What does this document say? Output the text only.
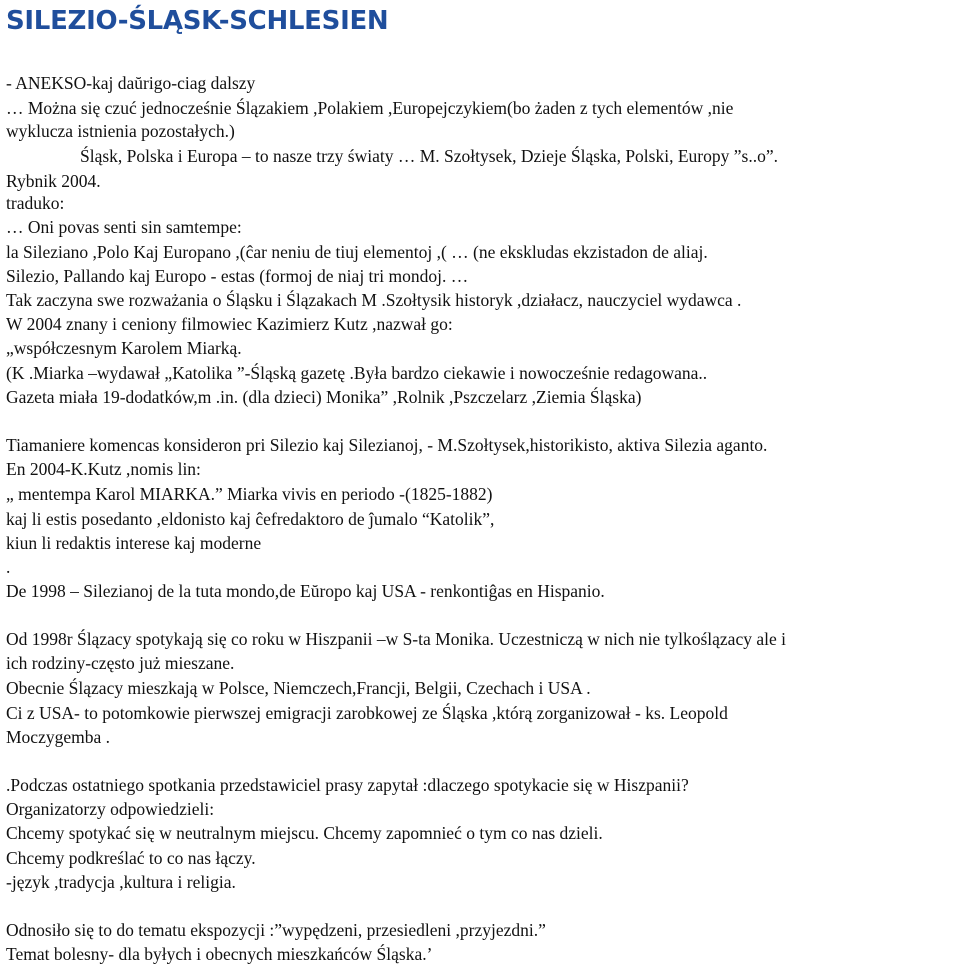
SILEZIO-ŚLĄSK-SCHLESIEN
- ANEKSO-kaj daŭrigo-ciag dalszy
… Można się czuć jednocześnie Ślązakiem ,Polakiem ,Europejczykiem(bo żaden z tych elementów ,nie
wyklucza istnienia pozostałych.)
Śląsk, Polska i Europa – to nasze trzy światy … M. Szołtysek, Dzieje Śląska, Polski, Europy ”s..o”.
Rybnik 2004.
traduko:
… Oni povas senti sin samtempe:
la Sileziano ,Polo Kaj Europano ,(ĉar neniu de tiuj elementoj ,( … (ne ekskludas ekzistadon de aliaj.
Silezio, Pallando kaj Europo - estas (formoj de niaj tri mondoj. …
Tak zaczyna swe rozważania o Śląsku i Ślązakach M .Szołtysik historyk ,działacz, nauczyciel wydawca .
W 2004 znany i ceniony filmowiec Kazimierz Kutz ,nazwał go:
„współczesnym Karolem Miarką.
(K .Miarka –wydawał „Katolika ”-Śląską gazetę .Była bardzo ciekawie i nowocześnie redagowana..
Gazeta miała 19-dodatków,m .in. (dla dzieci) Monika” ,Rolnik ,Pszczelarz ,Ziemia Śląska)
Tiamaniere komencas konsideron pri Silezio kaj Silezianoj, - M.Szołtysek,historikisto, aktiva Silezia aganto.
En 2004-K.Kutz ,nomis lin:
„ mentempa Karol MIARKA.” Miarka vivis en periodo -(1825-1882)
kaj li estis posedanto ,eldonisto kaj ĉefredaktoro de ĵumalo “Katolik”,
kiun li redaktis interese kaj moderne
.
De 1998 – Silezianoj de la tuta mondo,de Eŭropo kaj USA - renkontiĝas en Hispanio.
Od 1998r Ślązacy spotykają się co roku w Hiszpanii –w S-ta Monika. Uczestniczą w nich nie tylkoślązacy ale i
ich rodziny-często już mieszane.
Obecnie Ślązacy mieszkają w Polsce, Niemczech,Francji, Belgii, Czechach i USA .
Ci z USA- to potomkowie pierwszej emigracji zarobkowej ze Śląska ,którą zorganizował - ks. Leopold
Moczygemba .
.Podczas ostatniego spotkania przedstawiciel prasy zapytał :dlaczego spotykacie się w Hiszpanii?
Organizatorzy odpowiedzieli:
Chcemy spotykać się w neutralnym miejscu. Chcemy zapomnieć o tym co nas dzieli.
Chcemy podkreślać to co nas łączy.
-język ,tradycja ,kultura i religia.
Odnosiło się to do tematu ekspozycji :”wypędzeni, przesiedleni ,przyjezdni.”
Temat bolesny- dla byłych i obecnych mieszkańców Śląska.’
